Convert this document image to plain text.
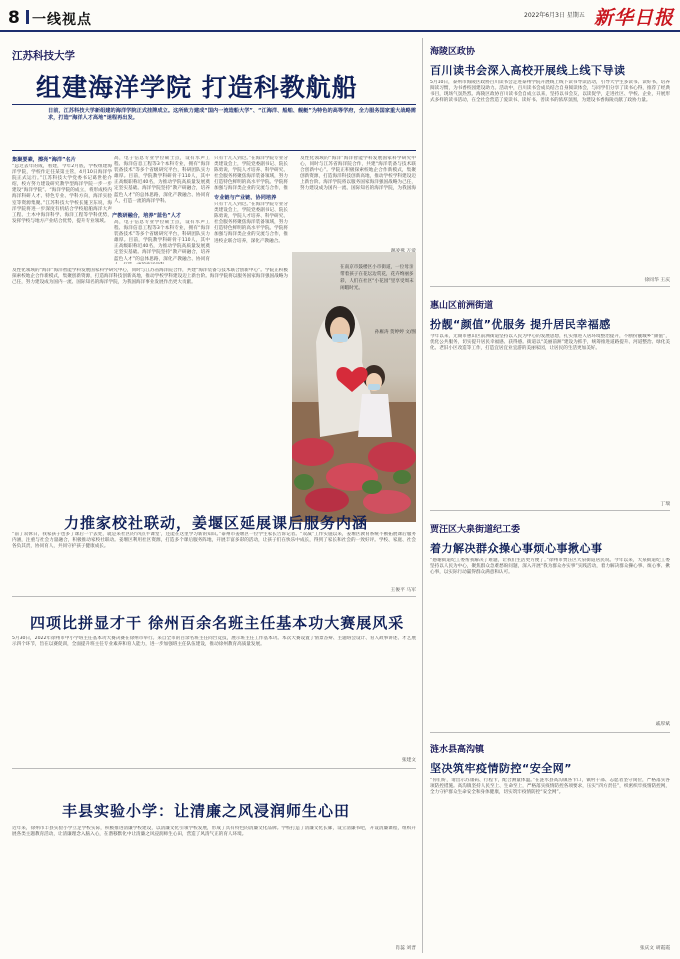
8 一线视点	2022年6月3日 星期五 新华日报
江苏科技大学
组建海洋学院 打造科教航船
日前，江苏科技大学新组建的海洋学院正式挂牌成立。这所致力建成“国内一流造船大学”、“江海洋、船舶、舰艇”为特色的高等学府，全力服务国家重大战略需求，打造“海洋人才高地”迷程再出发。
集聚要素，擦亮“海洋”名片
“总过去年的成，看建，今年2月底，学校组建海洋学院，学校作定任某第主管，4月10日海洋学院正式运行。”江苏科技大学党委书记葛世伦介绍，校方努力建设研究教学型海洋学院一步一步建设“海洋学院”。“海洋学院的成立，将形成校内海洋科研人才、特色专业、学科方向，海洋实验室等资源集聚。”江苏科技大学校长施卫东说，海洋学院将进一步深度有机结合学校船舶海洋大声工程、土木中海洋科学、海洋工程等学科优势，发挥学校与地方产业结合优势，提升专业领域。
产教研融合，培养“蓝色”人才
高，电子信息专业学位硕士点，设有水声工程、海洋信息工程等3个本科专业，拥有“海洋装备技术”等多个省级研究平台，科研团队实力雄厚。目前，学院教学科研骨干110人，其中正高级职称近40名，为推动学院高质量发展奠定坚实基础。海洋学院坚持“教产研融合，培养蓝色人才”的总体思路，深化产教融合、协同育人，打造一流的海洋学科。
专业链与产业链、协同培养
只有十几人到过。”在海洋学院专业分类建设会上，学院党委副书记、院长陈勇说，学院人才培养、科学研究、社会服务将聚焦海洋装备领域，努力打造特色鲜明的高水平学院。学院将加强与海洋类企业的交流与合作，推
及性化领域的“海洋”海洋智能学科发展国家科学研究中心，同时与江苏省海洋院合作，共建“海洋装备与技术联合创新中心”。学院正积极探索校地企合作新模式，集聚创新资源，打造海洋科技创新高地，推动学校学科建设迈上新台阶。海洋学院将以服务国家海洋强国战略为己任，努力建设成为国内一流、国际知名的海洋学院，为我国海
高，电子信息专业学位硕士点，设有水声工程、海洋信息工程等3个本科专业，拥有“海洋装备技术”等多个省级研究平台，科研团队实力雄厚。目前，学院教学科研骨干110人，其中正高级职称近40名，为推动学院高质量发展奠定坚实基础。海洋学院坚持“教产研融合，培养蓝色人才”的总体思路，深化产教融合、协同育
只有十几人到过。”在海洋学院专业分类建设会上，学院党委副书记、院长陈勇说，学院人才培养、科学研究、社会服务将聚焦海洋装备领域，努力打造特色鲜明的高水平学院。学院将加强与海洋类企业的交流与合作，推进校企联合培养，深化产教融合。
在南京市鼓楼区小市街道，一位母亲带着孩子在花坛边赏花，花卉绚丽多彩，人们在社区“小花园”里享受周末闲暇时光。
孙雁涛 贺婷婷 文/图
及性化领域的“海洋”海洋智能学科发展国家科学研究中心，同时与江苏省海洋院合作，共建“海洋装备与技术联合创新中心”。学院正积极探索校地企合作新模式，集聚创新资源，打造海洋科技创新高地，推动学校学科建设迈上新台阶。海洋学院将以服务国家海洋强国战略为己任，努力建设成为国内一流、国际知名的海洋学院，为我国海洋事业发展作出更大贡献。
力推家校社联动，姜堰区延展课后服务内涵
“前了双休日，我家孩子也多了课后一个去处，就是来社区的‘四点半课堂’，还能在这里学习新的知识。”泰州市姜堰区一位学生家长告诉记者。“双减”工作实施以来，姜堰区教育系统不断拓展课后服务内涵，注重与社会力量融合，积极推动家校社联动。姜堰区利用社区资源，打造多个课后服务阵地，开展丰富多彩的活动，让孩子们在快乐中成长，得到了家长和社会的一致好评。学校、家庭、社会各负其责，协同育人，共同守护孩子健康成长。
王俊平 马军
四项比拼显才干 徐州百余名班主任基本功大赛展风采
5月30日，2022年徐州市中小学班主任基本功大赛决赛在徐州市举行。来自全市的百余名班主任同台竞技，展示班主任工作基本功。本次大赛设置了情景答辩、主题班会设计、育人故事讲述、才艺展示四个环节，旨在以赛促训，全面提升班主任专业素养和育人能力，进一步加强班主任队伍建设，推动徐州教育高质量发展。
张建文
丰县实验小学：让清廉之风浸润师生心田
近年来，徐州市丰县实验小学立足学校实际，积极推进清廉学校建设，以清廉文化引领学校发展，形成了具有特色的清廉文化品牌。学校打造了清廉文化长廊，设立清廉书吧，开设清廉课程，组织开展各类主题教育活动，让清廉理念入脑入心，在潜移默化中让清廉之风浸润师生心田，营造了风清气正的育人环境。
肖蕊 刘晋
海陵区政协
百川读书会深入高校开展线上线下导读
5月10日，泰州市海陵区政协百川读书会走进泰州学院开展线上线下读书导读活动，引导大学生多读书、读好书，培养阅读习惯，为书香校园建设助力。活动中，百川读书会成员结合自身阅读体会，与同学们分享了读书心得，推荐了经典书目，现场气氛热烈。海陵区政协百川读书会自成立以来，坚持以书会友，以读促学，走进社区、学校、企业，开展形式多样的读书活动，在全社会营造了爱读书、读好书、善读书的浓厚氛围，为建设书香海陵贡献了政协力量。
徐同华 王庆
惠山区前洲街道
扮靓“颜值”优服务 提升居民幸福感
今年以来，无锡市惠山区前洲街道坚持以人民为中心的发展思想，扎实推进人居环境整治提升，不断扮靓城乡“颜值”，优化公共服务，切实提升居民幸福感、获得感。街道以“美丽前洲”建设为抓手，统筹推进道路提升、河道整治、绿化美化、老旧小区改造等工作，打造宜居宜业宜游的美丽家园，让居民的生活更加美好。
丁瑞
贾汪区大泉街道纪工委
着力解决群众操心事烦心事揪心事
“感谢街道纪工委帮我解决了难题，让我们生活更方便了。”徐州市贾汪区大泉街道居民说。今年以来，大泉街道纪工委坚持以人民为中心，聚焦群众急难愁盼问题，深入开展“我为群众办实事”实践活动，着力解决群众操心事、烦心事、揪心事，以实际行动赢得群众满意和认可。
戚厚斌
涟水县高沟镇
坚决筑牢疫情防控“安全网”
“你们好，请出示苏康码、行程卡，配合测量体温。”在涟水县高沟镇各卡口，镇村干部、志愿者坚守岗位，严格落实各项防控措施。高沟镇坚持人民至上、生命至上，严格落实疫情防控各项要求，压实“四方责任”，织密织牢疫情防控网，全力守护群众生命安全和身体健康，切实筑牢疫情防控“安全网”。
张庆文 胡霞霞
